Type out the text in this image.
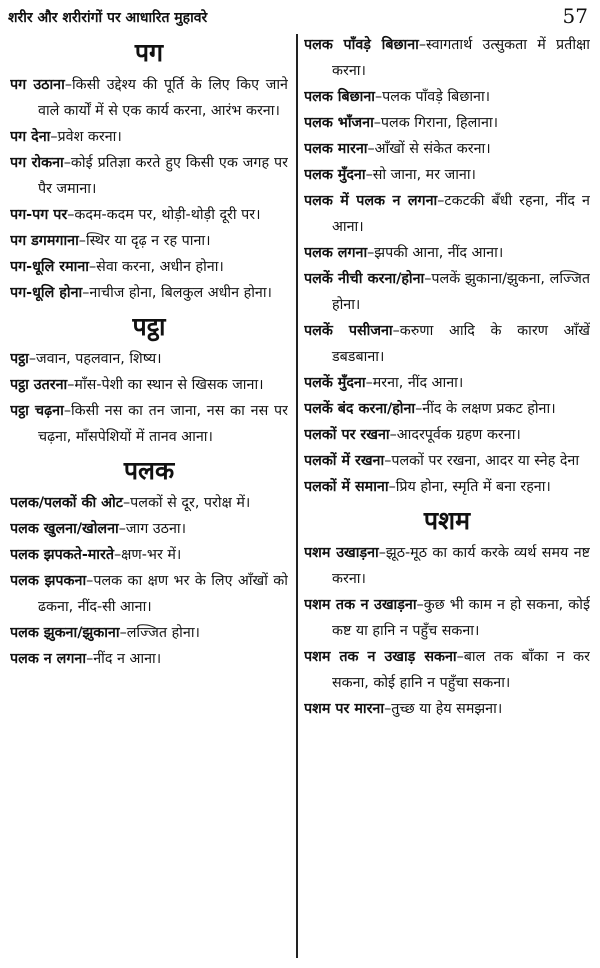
शरीर और शरीरांगों पर आधारित मुहावरे	57
पग

पग उठाना–किसी उद्देश्य की पूर्ति के लिए किए जाने वाले कार्यों में से एक कार्य करना, आरंभ करना।

पग देना–प्रवेश करना।

पग रोकना–कोई प्रतिज्ञा करते हुए किसी एक जगह पर पैर जमाना।

पग-पग पर–कदम-कदम पर, थोड़ी-थोड़ी दूरी पर।

पग डगमगाना–स्थिर या दृढ़ न रह पाना।

पग-धूलि रमाना–सेवा करना, अधीन होना।

पग-धूलि होना–नाचीज होना, बिलकुल अधीन होना।

पट्ठा

पट्ठा–जवान, पहलवान, शिष्य।

पट्ठा उतरना–माँस-पेशी का स्थान से खिसक जाना।

पट्ठा चढ़ना–किसी नस का तन जाना, नस का नस पर चढ़ना, माँसपेशियों में तानव आना।

पलक

पलक/पलकों की ओट–पलकों से दूर, परोक्ष में।

पलक खुलना/खोलना–जाग उठना।

पलक झपकते-मारते–क्षण-भर में।

पलक झपकना–पलक का क्षण भर के लिए आँखों को ढकना, नींद-सी आना।

पलक झुकना/झुकाना–लज्जित होना।

पलक न लगना–नींद न आना।

पलक पाँवड़े बिछाना–स्वागतार्थ उत्सुकता में प्रतीक्षा करना।

पलक बिछाना–पलक पाँवड़े बिछाना।

पलक भाँजना–पलक गिराना, हिलाना।

पलक मारना–आँखों से संकेत करना।

पलक मुँदना–सो जाना, मर जाना।

पलक में पलक न लगना–टकटकी बँधी रहना, नींद न आना।

पलक लगना–झपकी आना, नींद आना।

पलकें नीची करना/होना–पलकें झुकाना/झुकना, लज्जित होना।

पलकें पसीजना–करुणा आदि के कारण आँखें डबडबाना।

पलकें मुँदना–मरना, नींद आना।

पलकें बंद करना/होना–नींद के लक्षण प्रकट होना।

पलकों पर रखना–आदरपूर्वक ग्रहण करना।

पलकों में रखना–पलकों पर रखना, आदर या स्नेह देना

पलकों में समाना–प्रिय होना, स्मृति में बना रहना।

पशम

पशम उखाड़ना–झूठ-मूठ का कार्य करके व्यर्थ समय नष्ट करना।

पशम तक न उखाड़ना–कुछ भी काम न हो सकना, कोई कष्ट या हानि न पहुँच सकना।

पशम तक न उखाड़ सकना–बाल तक बाँका न कर सकना, कोई हानि न पहुँचा सकना।

पशम पर मारना–तुच्छ या हेय समझना।
